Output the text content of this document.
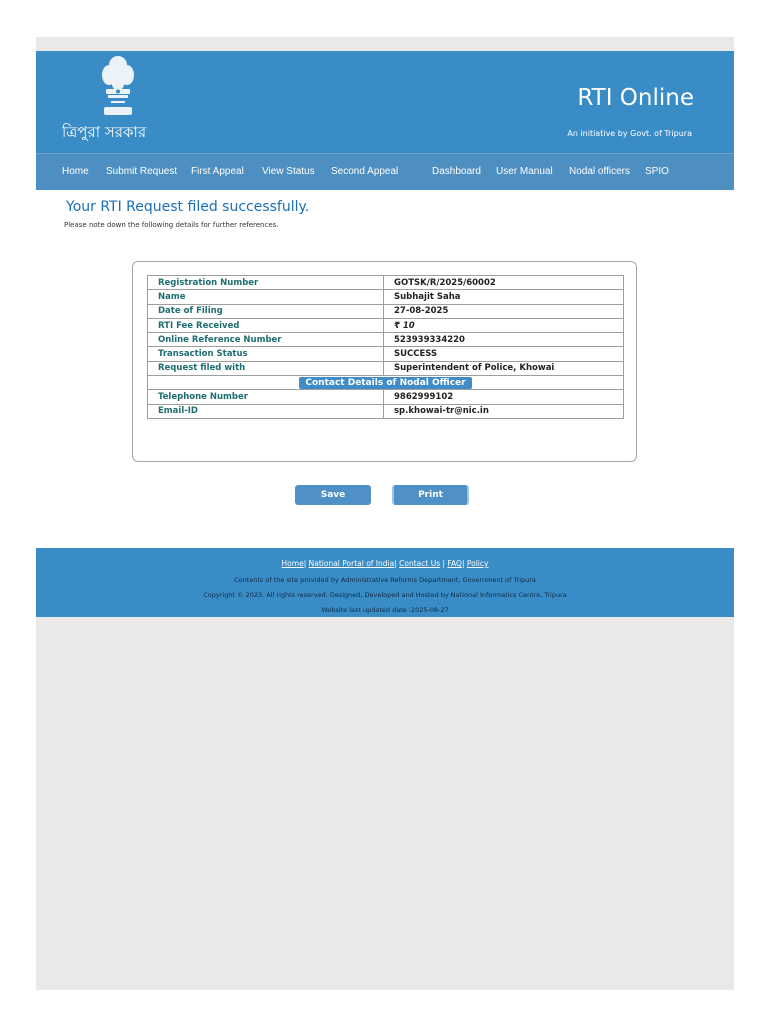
ত্রিপুরা সরকার
RTI Online
An initiative by Govt. of Tripura
Home Submit Request First Appeal View Status Second Appeal	Dashboard User Manual Nodal officers SPIO
Your RTI Request filed successfully.
Please note down the following details for further references.
Registration Number	GOTSK/R/2025/60002
Name	Subhajit Saha
Date of Filing	27-08-2025
RTI Fee Received	₹ 10
Online Reference Number	523939334220
Transaction Status	SUCCESS
Request filed with	Superintendent of Police, Khowai
Contact Details of Nodal Officer	
Telephone Number	9862999102
Email-ID	sp.khowai-tr@nic.in
Save	Print
Home| National Portal of India| Contact Us | FAQ| Policy
Contents of the site provided by Administrative Reforms Department, Government of Tripura
Copyright © 2023. All rights reserved. Designed, Developed and Hosted by National Informatics Centre, Tripura
Website last updated date :2025-08-27
